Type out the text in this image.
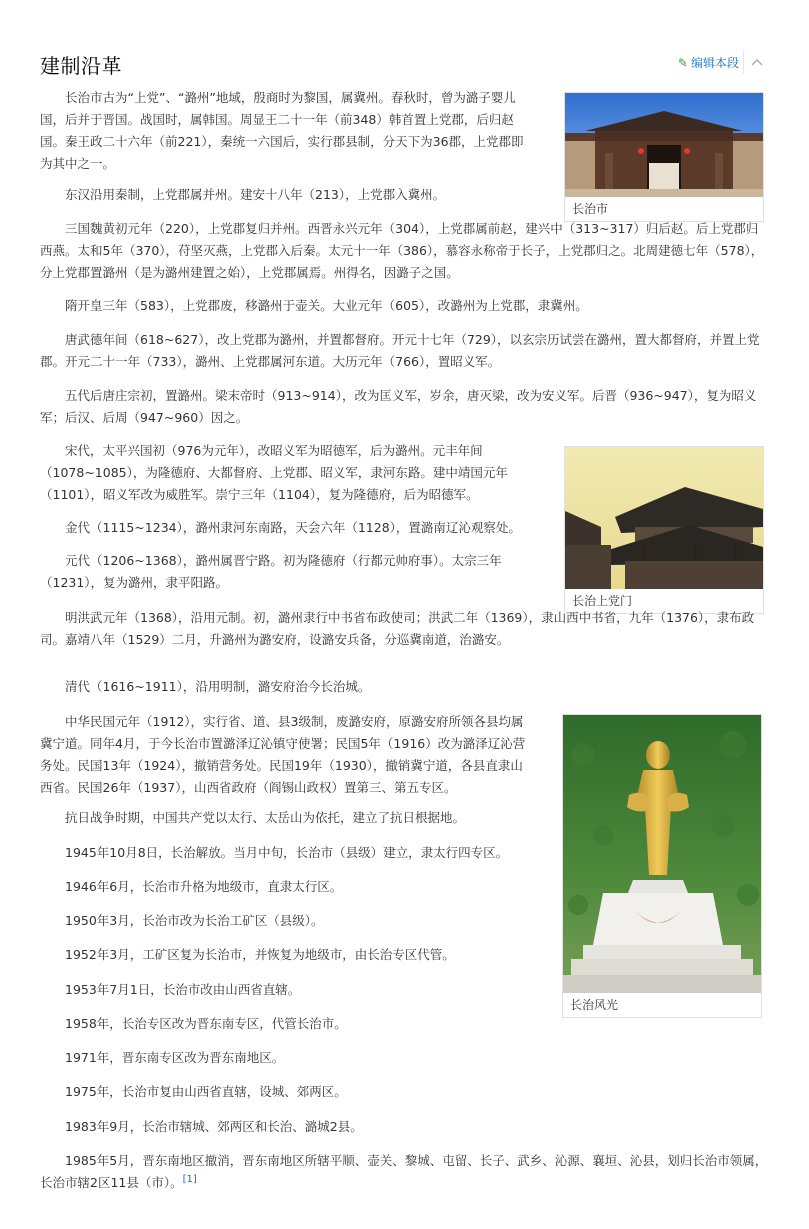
建制沿革	✎ 编辑本段
长治市
长治上党门
长治风光

长治市古为“上党”、“潞州”地域，殷商时为黎国，属冀州。春秋时，曾为潞子婴儿国，后并于晋国。战国时，属韩国。周显王二十一年（前348）韩首置上党郡，后归赵国。秦王政二十六年（前221），秦统一六国后，实行郡县制，分天下为36郡，上党郡即为其中之一。

东汉沿用秦制，上党郡属并州。建安十八年（213），上党郡入冀州。

三国魏黄初元年（220），上党郡复归并州。西晋永兴元年（304），上党郡属前赵，建兴中（313~317）归后赵。后上党郡归西燕。太和5年（370），苻坚灭燕，上党郡入后秦。太元十一年（386），慕容永称帝于长子，上党郡归之。北周建德七年（578），分上党郡置潞州（是为潞州建置之始），上党郡属焉。州得名，因潞子之国。

隋开皇三年（583），上党郡废，移潞州于壶关。大业元年（605），改潞州为上党郡，隶冀州。

唐武德年间（618~627），改上党郡为潞州，并置都督府。开元十七年（729），以玄宗历试尝在潞州，置大都督府，并置上党郡。开元二十一年（733），潞州、上党郡属河东道。大历元年（766），置昭义军。

五代后唐庄宗初，置潞州。梁末帝时（913~914），改为匡义军，岁余，唐灭梁，改为安义军。后晋（936~947），复为昭义军；后汉、后周（947~960）因之。

宋代，太平兴国初（976为元年），改昭义军为昭德军，后为潞州。元丰年间（1078~1085），为隆德府、大都督府、上党郡、昭义军，隶河东路。建中靖国元年（1101），昭义军改为威胜军。崇宁三年（1104），复为隆德府，后为昭德军。

金代（1115~1234），潞州隶河东南路，天会六年（1128），置潞南辽沁观察处。

元代（1206~1368），潞州属晋宁路。初为隆德府（行都元帅府事）。太宗三年（1231），复为潞州，隶平阳路。

明洪武元年（1368），沿用元制。初，潞州隶行中书省布政使司；洪武二年（1369），隶山西中书省，九年（1376），隶布政司。嘉靖八年（1529）二月，升潞州为潞安府，设潞安兵备，分巡冀南道，治潞安。

清代（1616~1911），沿用明制，潞安府治今长治城。

中华民国元年（1912），实行省、道、县3级制，废潞安府，原潞安府所领各县均属冀宁道。同年4月，于今长治市置潞泽辽沁镇守使署；民国5年（1916）改为潞泽辽沁营务处。民国13年（1924），撤销营务处。民国19年（1930），撤销冀宁道，各县直隶山西省。民国26年（1937），山西省政府（阎锡山政权）置第三、第五专区。

抗日战争时期，中国共产党以太行、太岳山为依托，建立了抗日根据地。

1945年10月8日，长治解放。当月中旬，长治市（县级）建立，隶太行四专区。

1946年6月，长治市升格为地级市，直隶太行区。

1950年3月，长治市改为长治工矿区（县级）。

1952年3月，工矿区复为长治市，并恢复为地级市，由长治专区代管。

1953年7月1日，长治市改由山西省直辖。

1958年，长治专区改为晋东南专区，代管长治市。

1971年，晋东南专区改为晋东南地区。

1975年，长治市复由山西省直辖，设城、郊两区。

1983年9月，长治市辖城、郊两区和长治、潞城2县。

1985年5月，晋东南地区撤消，晋东南地区所辖平顺、壶关、黎城、屯留、长子、武乡、沁源、襄垣、沁县，划归长治市领属，长治市辖2区11县（市）。[1]
